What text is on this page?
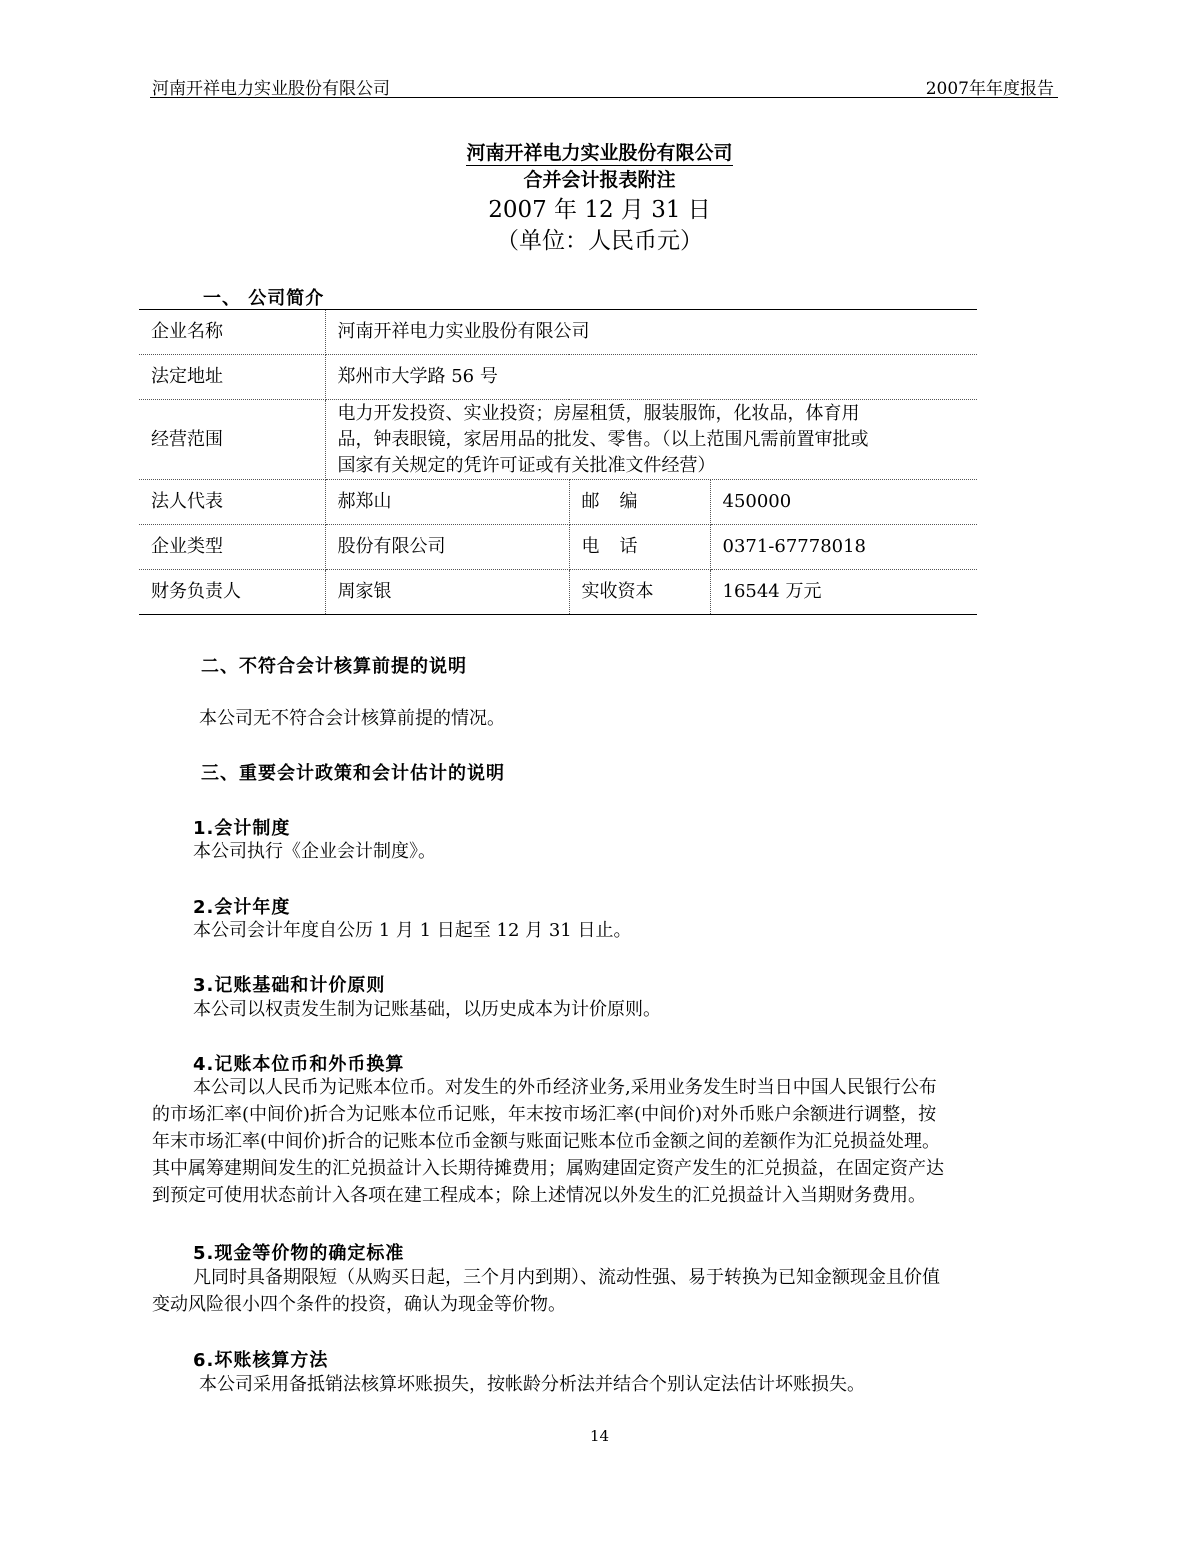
河南开祥电力实业股份有限公司	2007年年度报告
河南开祥电力实业股份有限公司
合并会计报表附注
2007 年 12 月 31 日
（单位：人民币元）
一、 公司简介
企业名称	河南开祥电力实业股份有限公司		
法定地址	郑州市大学路 56 号		
经营范围	电力开发投资、实业投资；房屋租赁，服装服饰，化妆品，体育用
品，钟表眼镜，家居用品的批发、零售。（以上范围凡需前置审批或
国家有关规定的凭许可证或有关批准文件经营）		

法人代表	郝郑山	邮编	450000
企业类型	股份有限公司	电话	0371-67778018
财务负责人	周家银	实收资本	16544 万元
二、不符合会计核算前提的说明
本公司无不符合会计核算前提的情况。
三、重要会计政策和会计估计的说明
1.会计制度
本公司执行《企业会计制度》。
2.会计年度
本公司会计年度自公历 1 月 1 日起至 12 月 31 日止。
3.记账基础和计价原则
本公司以权责发生制为记账基础，以历史成本为计价原则。
4.记账本位币和外币换算
本公司以人民币为记账本位币。对发生的外币经济业务,采用业务发生时当日中国人民银行公布
的市场汇率(中间价)折合为记账本位币记账，年末按市场汇率(中间价)对外币账户余额进行调整，按
年末市场汇率(中间价)折合的记账本位币金额与账面记账本位币金额之间的差额作为汇兑损益处理。
其中属筹建期间发生的汇兑损益计入长期待摊费用；属购建固定资产发生的汇兑损益，在固定资产达
到预定可使用状态前计入各项在建工程成本；除上述情况以外发生的汇兑损益计入当期财务费用。
5.现金等价物的确定标准
凡同时具备期限短（从购买日起，三个月内到期）、流动性强、易于转换为已知金额现金且价值
变动风险很小四个条件的投资，确认为现金等价物。
6.坏账核算方法
本公司采用备抵销法核算坏账损失，按帐龄分析法并结合个别认定法估计坏账损失。
14
